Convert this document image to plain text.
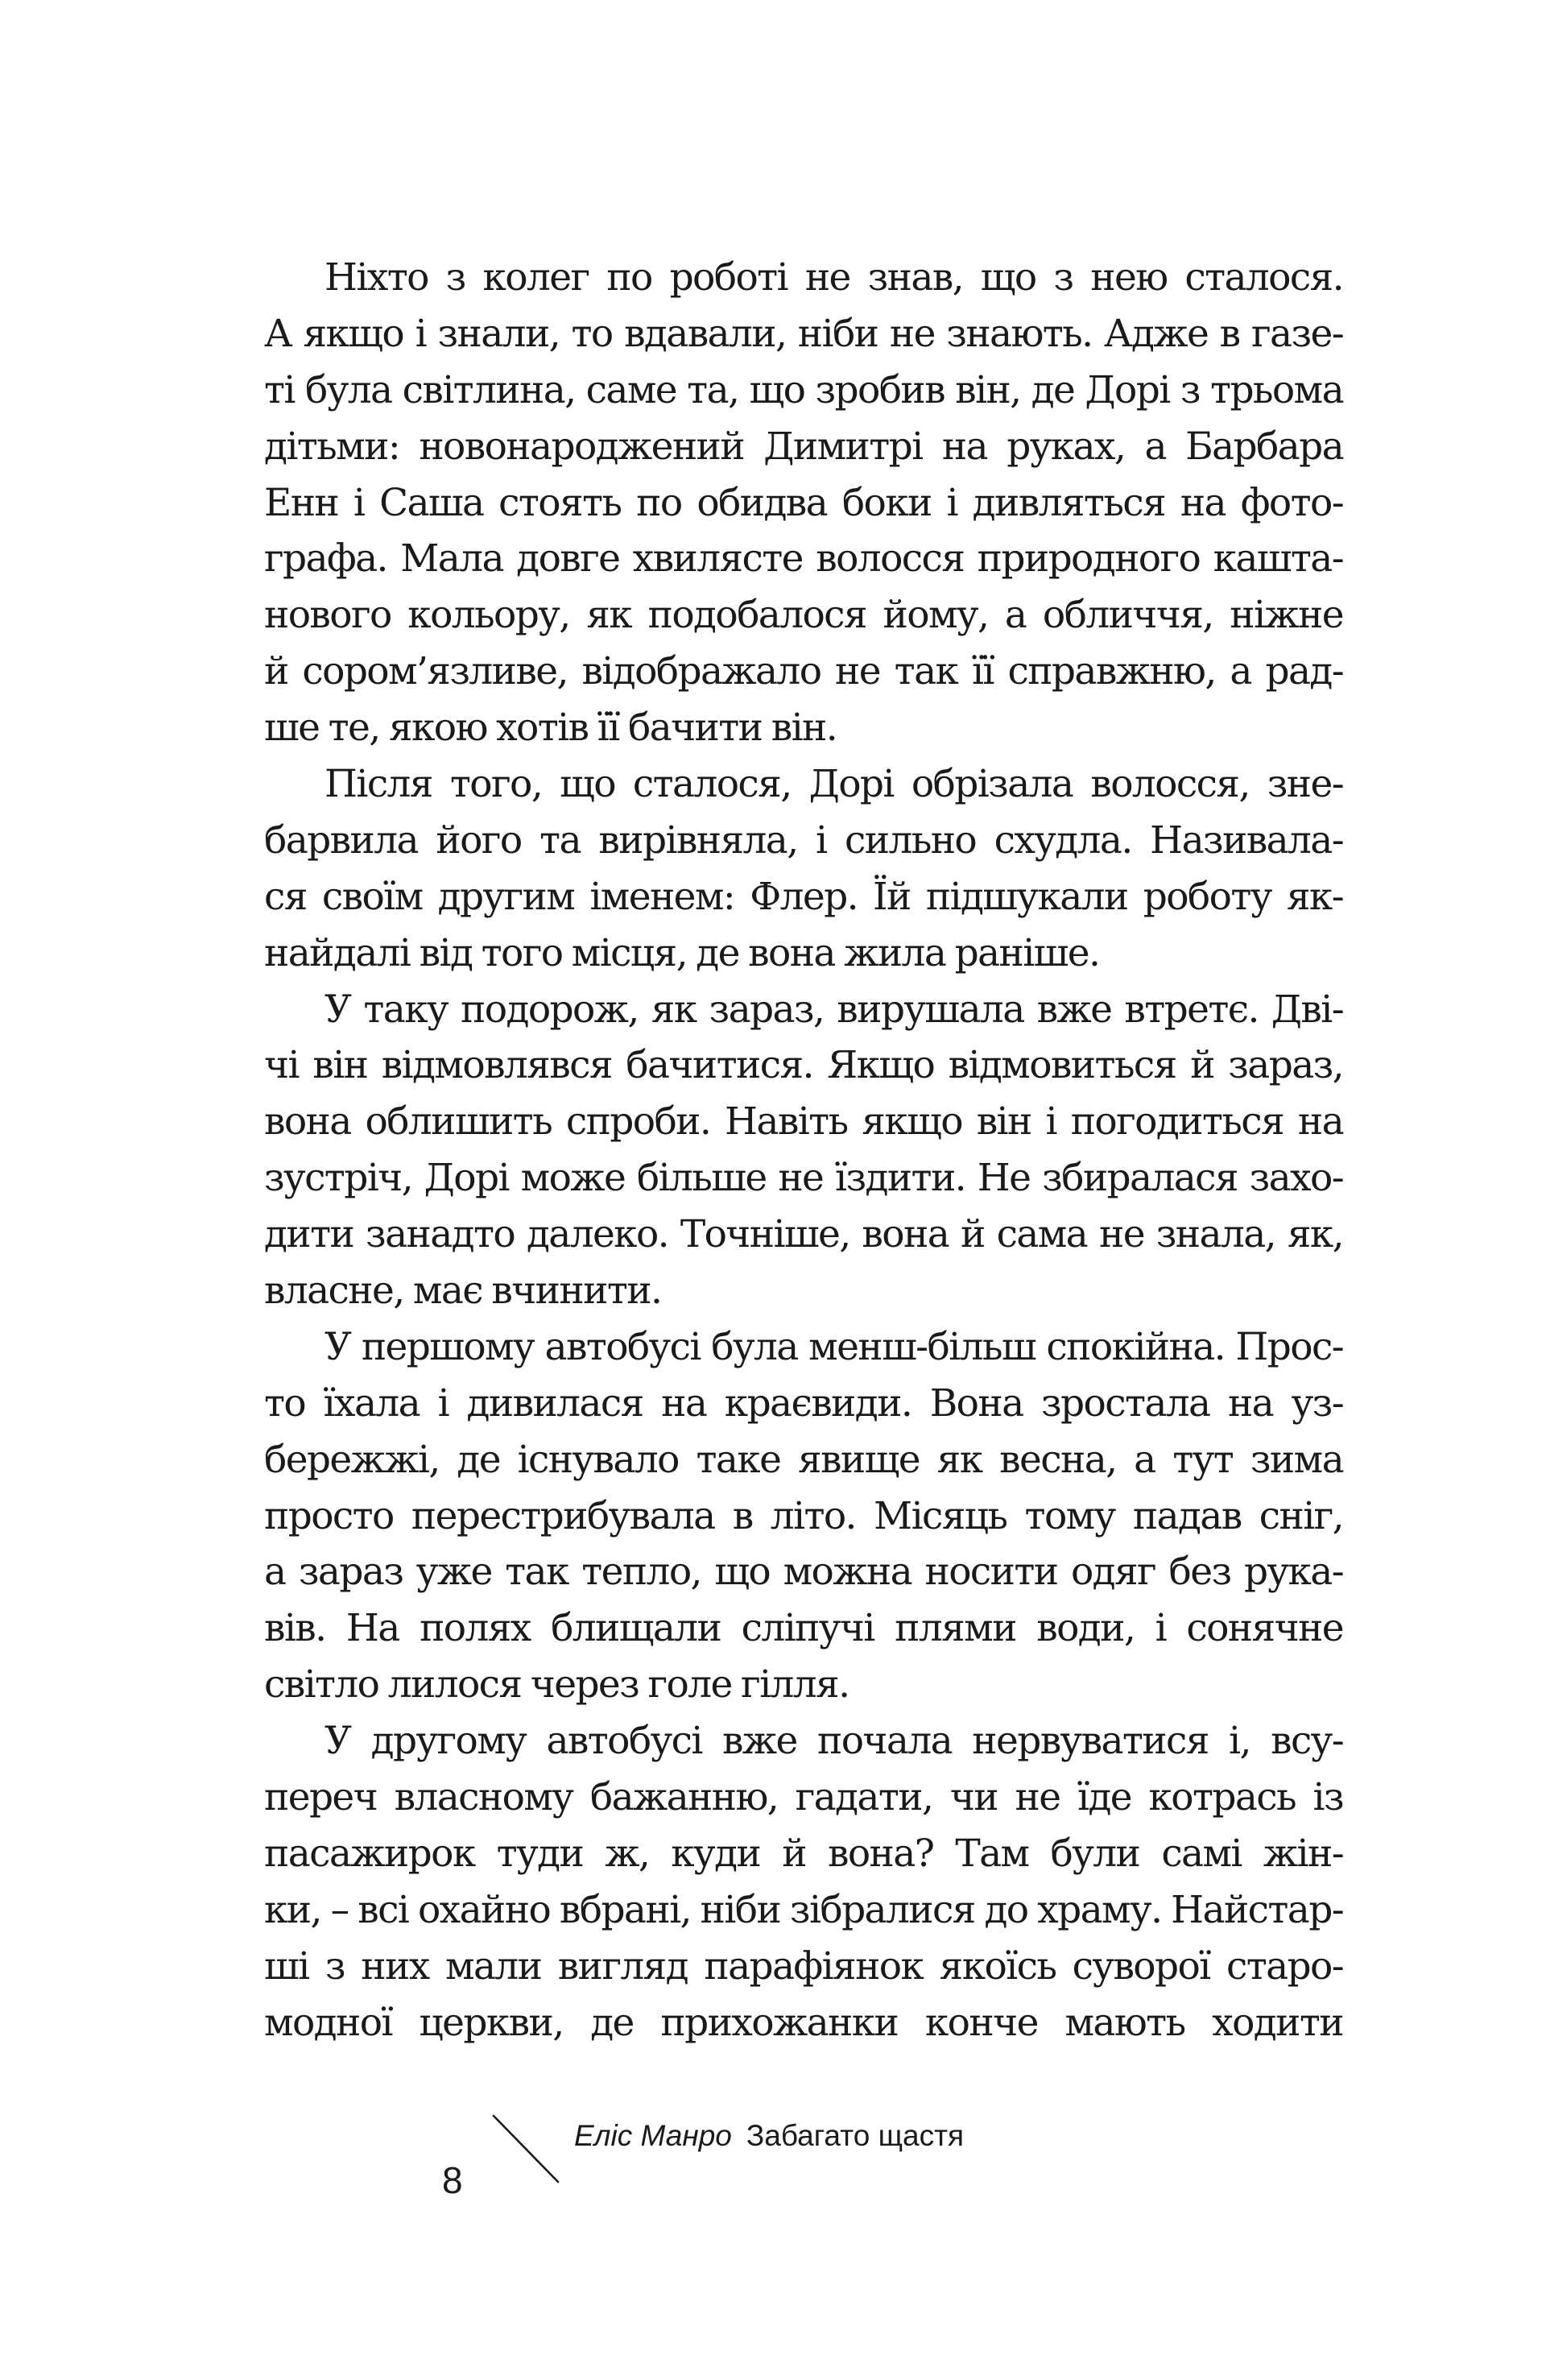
Ніхто з колег по роботі не знав, що з нею сталося.
А якщо і знали, то вдавали, ніби не знають. Адже в газе-
ті була світлина, саме та, що зробив він, де Дорі з трьома
дітьми: новонароджений Димитрі на руках, а Барбара
Енн і Саша стоять по обидва боки і дивляться на фото-
графа. Мала довге хвилясте волосся природного кашта-
нового кольору, як подобалося йому, а обличчя, ніжне
й сором’язливе, відображало не так її справжню, а рад-
ше те, якою хотів її бачити він.
Після того, що сталося, Дорі обрізала волосся, зне-
барвила його та вирівняла, і сильно схудла. Називала-
ся своїм другим іменем: Флер. Їй підшукали роботу як-
найдалі від того місця, де вона жила раніше.
У таку подорож, як зараз, вирушала вже втретє. Дві-
чі він відмовлявся бачитися. Якщо відмовиться й зараз,
вона облишить спроби. Навіть якщо він і погодиться на
зустріч, Дорі може більше не їздити. Не збиралася захо-
дити занадто далеко. Точніше, вона й сама не знала, як,
власне, має вчинити.
У першому автобусі була менш-більш спокійна. Прос-
то їхала і дивилася на краєвиди. Вона зростала на уз-
бережжі, де існувало таке явище як весна, а тут зима
просто перестрибувала в літо. Місяць тому падав сніг,
а зараз уже так тепло, що можна носити одяг без рука-
вів. На полях блищали сліпучі плями води, і сонячне
світло лилося через голе гілля.
У другому автобусі вже почала нервуватися і, всу-
переч власному бажанню, гадати, чи не їде котрась із
пасажирок туди ж, куди й вона? Там були самі жін-
ки, – всі охайно вбрані, ніби зібралися до храму. Найстар-
ші з них мали вигляд парафіянок якоїсь суворої старо-
модної церкви, де прихожанки конче мають ходити
8
Еліс Манро Забагато щастя
